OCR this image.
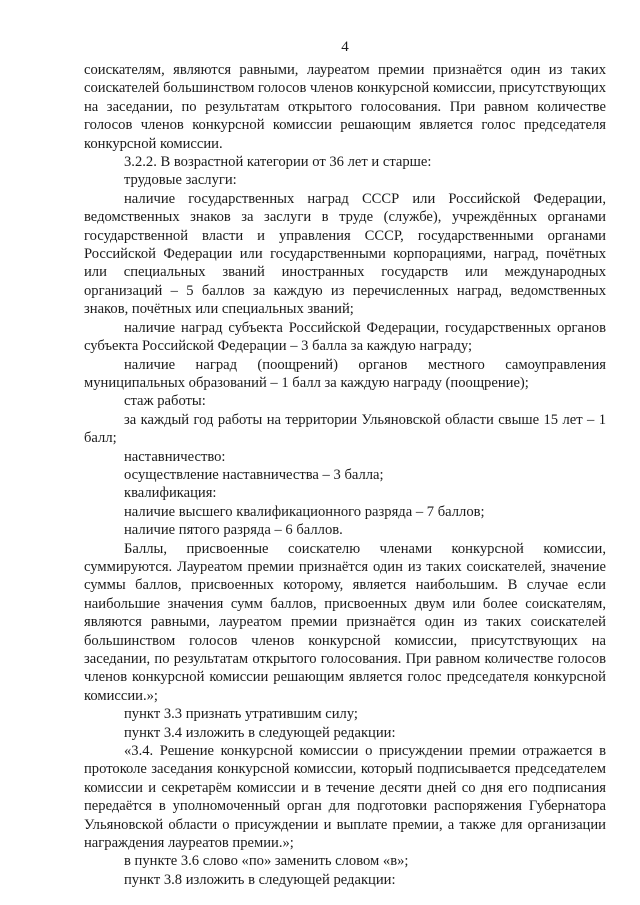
4

соискателям, являются равными, лауреатом премии признаётся один из таких соискателей большинством голосов членов конкурсной комиссии, присутствующих на заседании, по результатам открытого голосования. При равном количестве голосов членов конкурсной комиссии решающим является голос председателя конкурсной комиссии.

3.2.2. В возрастной категории от 36 лет и старше:

трудовые заслуги:

наличие государственных наград СССР или Российской Федерации, ведомственных знаков за заслуги в труде (службе), учреждённых органами государственной власти и управления СССР, государственными органами Российской Федерации или государственными корпорациями, наград, почётных или специальных званий иностранных государств или международных организаций – 5 баллов за каждую из перечисленных наград, ведомственных знаков, почётных или специальных званий;

наличие наград субъекта Российской Федерации, государственных органов субъекта Российской Федерации – 3 балла за каждую награду;

наличие наград (поощрений) органов местного самоуправления муниципальных образований – 1 балл за каждую награду (поощрение);

стаж работы:

за каждый год работы на территории Ульяновской области свыше 15 лет – 1 балл;

наставничество:

осуществление наставничества – 3 балла;

квалификация:

наличие высшего квалификационного разряда – 7 баллов;

наличие пятого разряда – 6 баллов.

Баллы, присвоенные соискателю членами конкурсной комиссии, суммируются. Лауреатом премии признаётся один из таких соискателей, значение суммы баллов, присвоенных которому, является наибольшим. В случае если наибольшие значения сумм баллов, присвоенных двум или более соискателям, являются равными, лауреатом премии признаётся один из таких соискателей большинством голосов членов конкурсной комиссии, присутствующих на заседании, по результатам открытого голосования. При равном количестве голосов членов конкурсной комиссии решающим является голос председателя конкурсной комиссии.»;

пункт 3.3 признать утратившим силу;

пункт 3.4 изложить в следующей редакции:

«3.4. Решение конкурсной комиссии о присуждении премии отражается в протоколе заседания конкурсной комиссии, который подписывается председателем комиссии и секретарём комиссии и в течение десяти дней со дня его подписания передаётся в уполномоченный орган для подготовки распоряжения Губернатора Ульяновской области о присуждении и выплате премии, а также для организации награждения лауреатов премии.»;

в пункте 3.6 слово «по» заменить словом «в»;

пункт 3.8 изложить в следующей редакции:
